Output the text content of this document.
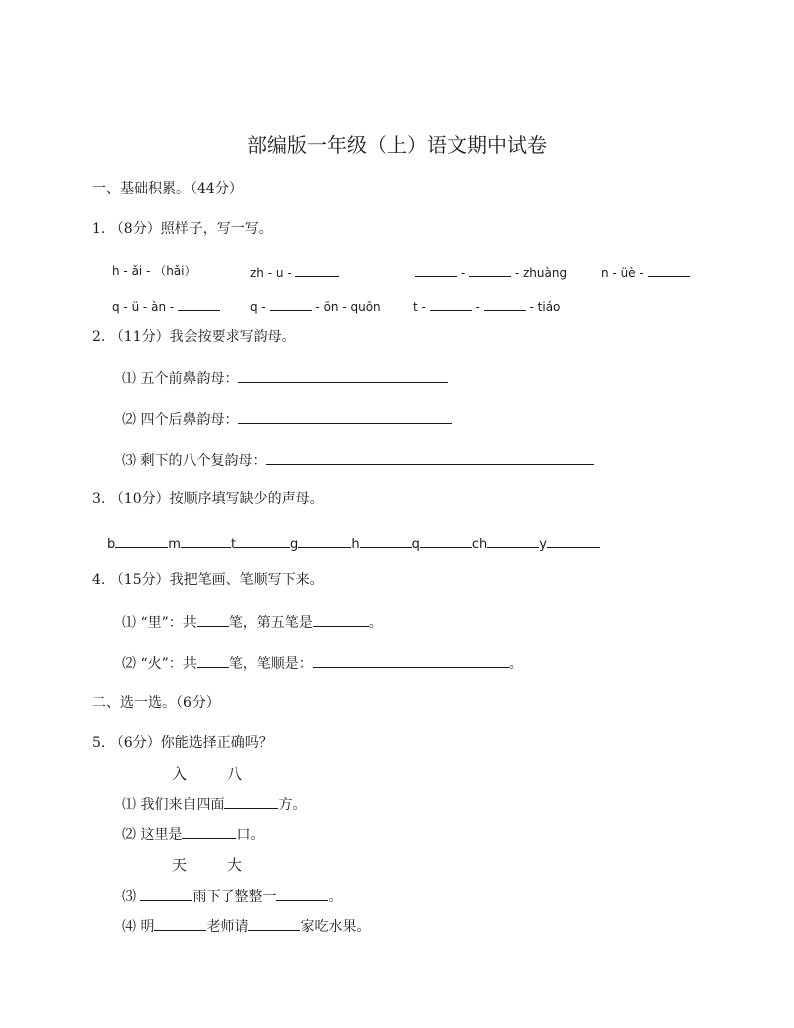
部编版一年级（上）语文期中试卷
一、基础积累。（44分）
1. （8分）照样子，写一写。
h - ǎi - （hǎi）	zh - u -	-	- zhuàng	n - üè -
q - ü - àn -	q -	- ōn - quōn	t -	-	- tiáo
2. （11分）我会按要求写韵母。
⑴ 五个前鼻韵母：
⑵ 四个后鼻韵母：
⑶ 剩下的八个复韵母：
3. （10分）按顺序填写缺少的声母。
b	m	t	g	h	q	ch	y
4. （15分）我把笔画、笔顺写下来。
⑴ “里”：共 笔，第五笔是	。
⑵ “火”：共 笔，笔顺是：	。
二、选一选。（6分）
5. （6分）你能选择正确吗？
入	八
⑴ 我们来自四面	方。
⑵ 这里是	口。
天	大
⑶	雨下了整整一	。
⑷ 明	老师请	家吃水果。
